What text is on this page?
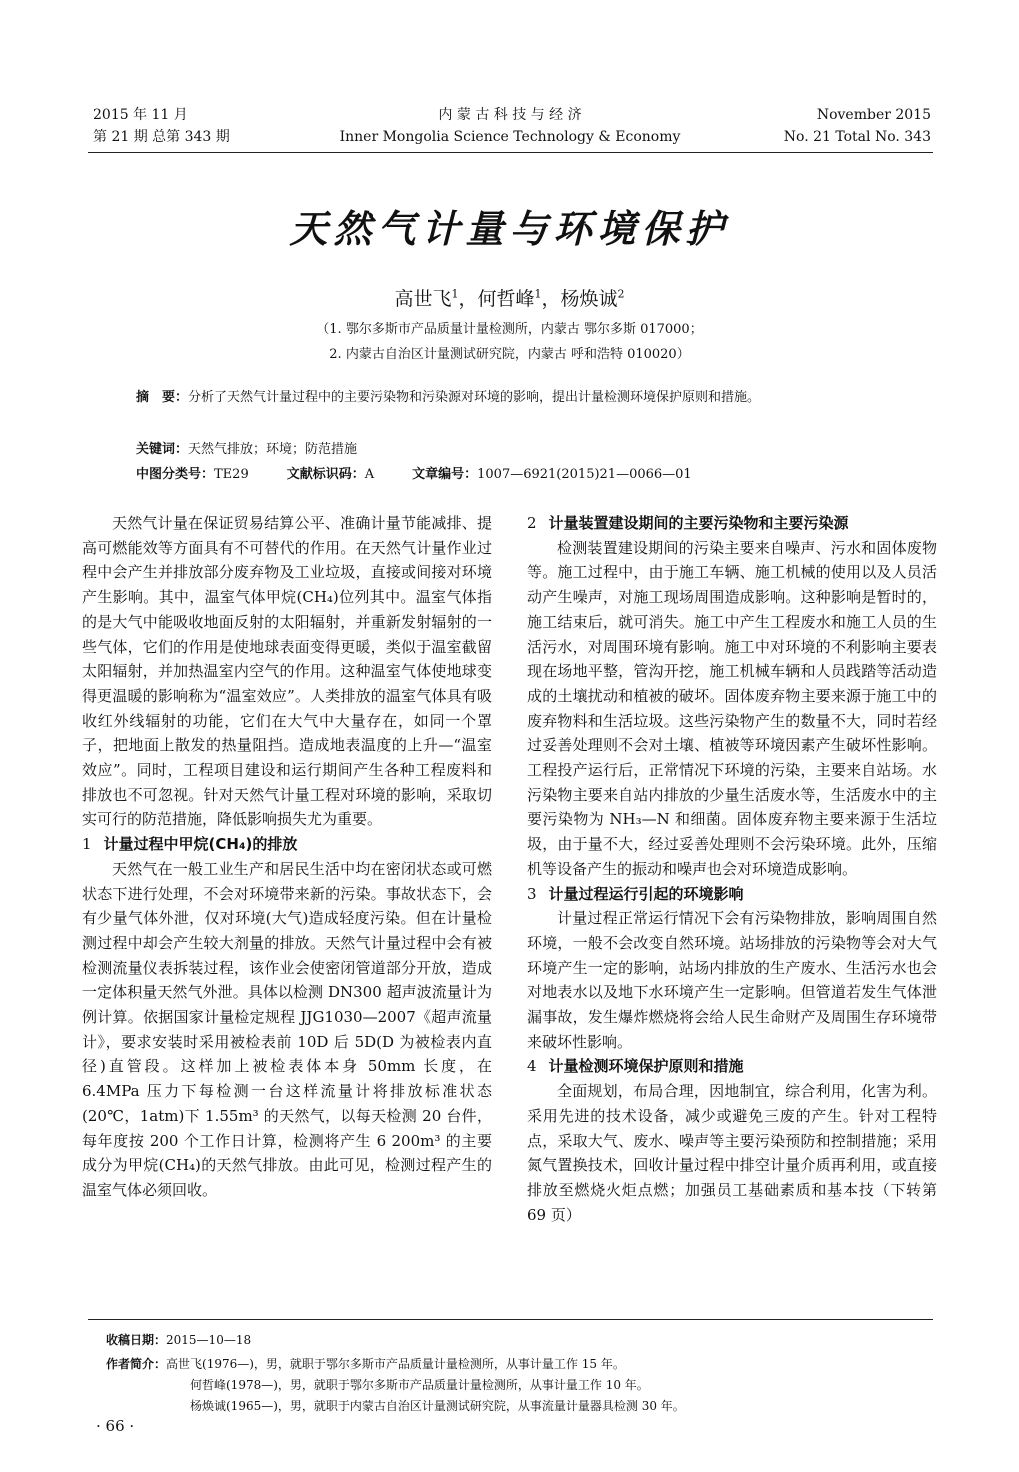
2015 年 11 月
第 21 期 总第 343 期
内 蒙 古 科 技 与 经 济
Inner Mongolia Science Technology & Economy
November 2015
No. 21 Total No. 343
天然气计量与环境保护
高世飞$^1$，何哲峰$^1$，杨焕诚$^2$
（1. 鄂尔多斯市产品质量计量检测所，内蒙古 鄂尔多斯 017000；
2. 内蒙古自治区计量测试研究院，内蒙古 呼和浩特 010020）
摘　要：分析了天然气计量过程中的主要污染物和污染源对环境的影响，提出计量检测环境保护原则和措施。
关键词：天然气排放；环境；防范措施
中图分类号：TE29	文献标识码：A	文章编号：1007—6921(2015)21—0066—01

天然气计量在保证贸易结算公平、准确计量节能减排、提高可燃能效等方面具有不可替代的作用。在天然气计量作业过程中会产生并排放部分废弃物及工业垃圾，直接或间接对环境产生影响。其中，温室气体甲烷(CH₄)位列其中。温室气体指的是大气中能吸收地面反射的太阳辐射，并重新发射辐射的一些气体，它们的作用是使地球表面变得更暖，类似于温室截留太阳辐射，并加热温室内空气的作用。这种温室气体使地球变得更温暖的影响称为“温室效应”。人类排放的温室气体具有吸收红外线辐射的功能，它们在大气中大量存在，如同一个罩子，把地面上散发的热量阻挡。造成地表温度的上升—“温室效应”。同时，工程项目建设和运行期间产生各种工程废料和排放也不可忽视。针对天然气计量工程对环境的影响，采取切实可行的防范措施，降低影响损失尤为重要。

1 计量过程中甲烷(CH₄)的排放

天然气在一般工业生产和居民生活中均在密闭状态或可燃状态下进行处理，不会对环境带来新的污染。事故状态下，会有少量气体外泄，仅对环境(大气)造成轻度污染。但在计量检测过程中却会产生较大剂量的排放。天然气计量过程中会有被检测流量仪表拆装过程，该作业会使密闭管道部分开放，造成一定体积量天然气外泄。具体以检测 DN300 超声波流量计为例计算。依据国家计量检定规程 JJG1030—2007《超声流量计》，要求安装时采用被检表前 10D 后 5D(D 为被检表内直径)直管段。这样加上被检表体本身 50mm 长度，在 6.4MPa 压力下每检测一台这样流量计将排放标准状态(20℃，1atm)下 1.55m³ 的天然气，以每天检测 20 台件，每年度按 200 个工作日计算，检测将产生 6 200m³ 的主要成分为甲烷(CH₄)的天然气排放。由此可见，检测过程产生的温室气体必须回收。

2 计量装置建设期间的主要污染物和主要污染源

检测装置建设期间的污染主要来自噪声、污水和固体废物等。施工过程中，由于施工车辆、施工机械的使用以及人员活动产生噪声，对施工现场周围造成影响。这种影响是暂时的，施工结束后，就可消失。施工中产生工程废水和施工人员的生活污水，对周围环境有影响。施工中对环境的不利影响主要表现在场地平整，管沟开挖，施工机械车辆和人员践踏等活动造成的土壤扰动和植被的破坏。固体废弃物主要来源于施工中的废弃物料和生活垃圾。这些污染物产生的数量不大，同时若经过妥善处理则不会对土壤、植被等环境因素产生破坏性影响。工程投产运行后，正常情况下环境的污染，主要来自站场。水污染物主要来自站内排放的少量生活废水等，生活废水中的主要污染物为 NH₃—N 和细菌。固体废弃物主要来源于生活垃圾，由于量不大，经过妥善处理则不会污染环境。此外，压缩机等设备产生的振动和噪声也会对环境造成影响。

3 计量过程运行引起的环境影响

计量过程正常运行情况下会有污染物排放，影响周围自然环境，一般不会改变自然环境。站场排放的污染物等会对大气环境产生一定的影响，站场内排放的生产废水、生活污水也会对地表水以及地下水环境产生一定影响。但管道若发生气体泄漏事故，发生爆炸燃烧将会给人民生命财产及周围生存环境带来破坏性影响。

4 计量检测环境保护原则和措施

全面规划，布局合理，因地制宜，综合利用，化害为利。采用先进的技术设备，减少或避免三废的产生。针对工程特点，采取大气、废水、噪声等主要污染预防和控制措施；采用氮气置换技术，回收计量过程中排空计量介质再利用，或直接排放至燃烧火炬点燃；加强员工基础素质和基本技（下转第 69 页）

收稿日期：2015—10—18
作者简介：高世飞(1976—)，男，就职于鄂尔多斯市产品质量计量检测所，从事计量工作 15 年。
何哲峰(1978—)，男，就职于鄂尔多斯市产品质量计量检测所，从事计量工作 10 年。
杨焕诚(1965—)，男，就职于内蒙古自治区计量测试研究院，从事流量计量器具检测 30 年。
· 66 ·
